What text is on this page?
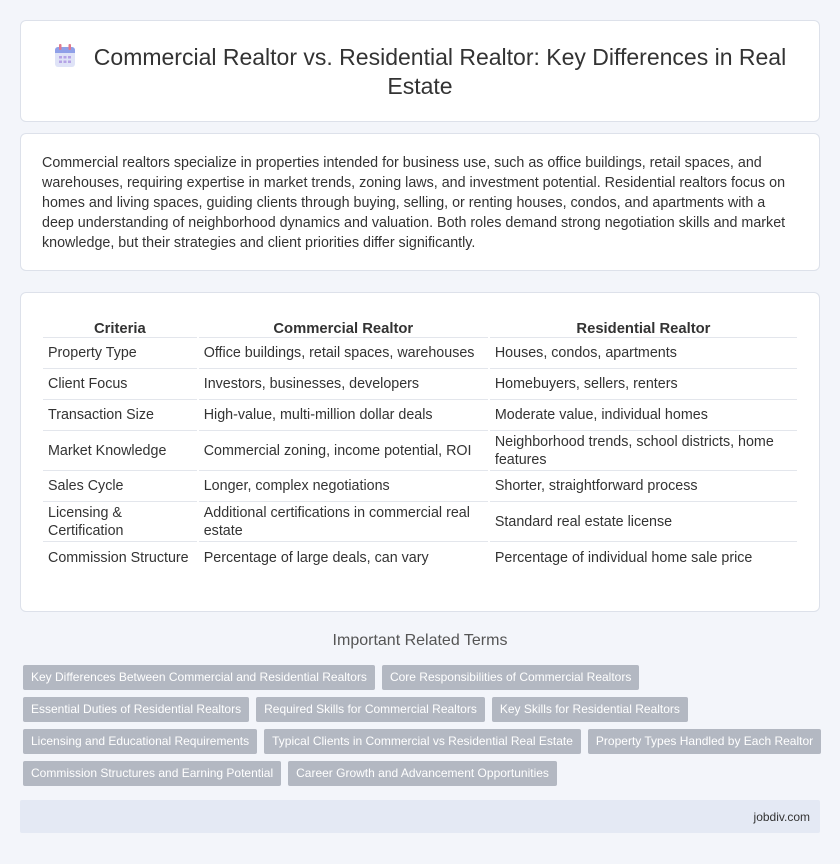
Commercial Realtor vs. Residential Realtor: Key Differences in Real Estate

Commercial realtors specialize in properties intended for business use, such as office buildings, retail spaces, and warehouses, requiring expertise in market trends, zoning laws, and investment potential. Residential realtors focus on homes and living spaces, guiding clients through buying, selling, or renting houses, condos, and apartments with a deep understanding of neighborhood dynamics and valuation. Both roles demand strong negotiation skills and market knowledge, but their strategies and client priorities differ significantly.

Criteria	Commercial Realtor	Residential Realtor
Property Type	Office buildings, retail spaces, warehouses	Houses, condos, apartments
Client Focus	Investors, businesses, developers	Homebuyers, sellers, renters
Transaction Size	High-value, multi-million dollar deals	Moderate value, individual homes
Market Knowledge	Commercial zoning, income potential, ROI	Neighborhood trends, school districts, home features
Sales Cycle	Longer, complex negotiations	Shorter, straightforward process
Licensing & Certification	Additional certifications in commercial real estate	Standard real estate license
Commission Structure	Percentage of large deals, can vary	Percentage of individual home sale price
Important Related Terms
Key Differences Between Commercial and Residential Realtors	Core Responsibilities of Commercial Realtors
Essential Duties of Residential Realtors	Required Skills for Commercial Realtors	Key Skills for Residential Realtors
Licensing and Educational Requirements	Typical Clients in Commercial vs Residential Real Estate	Property Types Handled by Each Realtor
Commission Structures and Earning Potential	Career Growth and Advancement Opportunities
jobdiv.com
